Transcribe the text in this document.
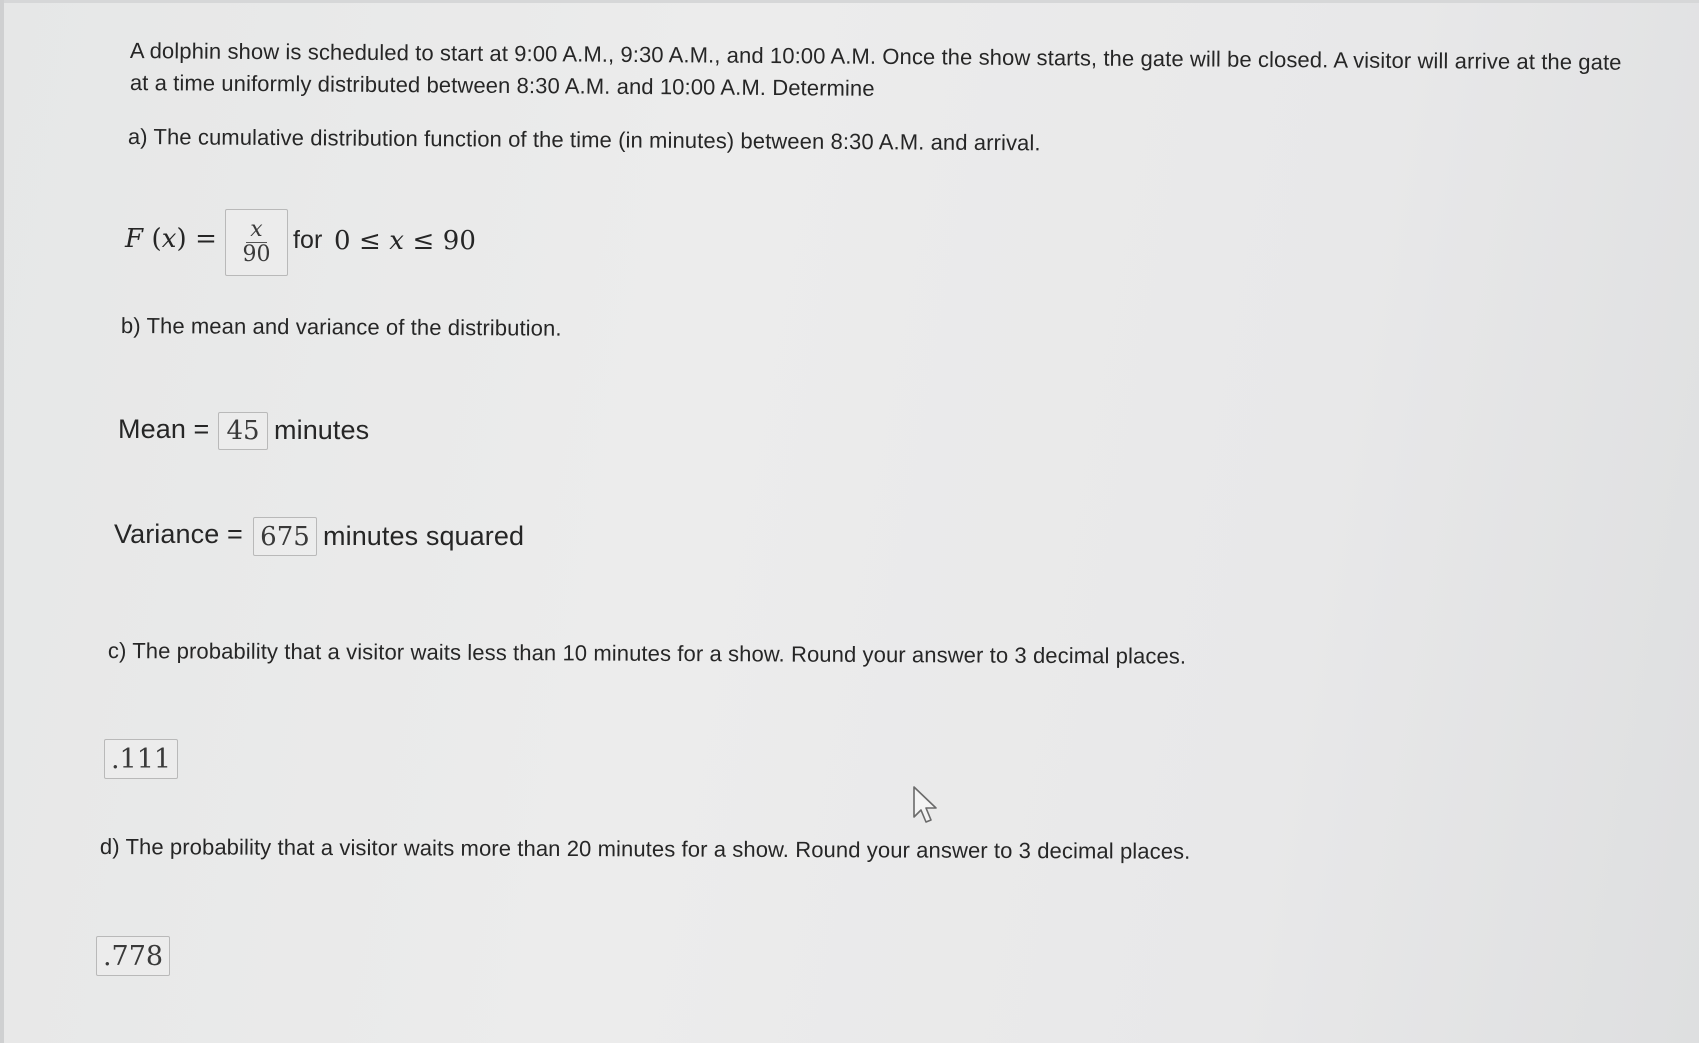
A dolphin show is scheduled to start at 9:00 A.M., 9:30 A.M., and 10:00 A.M. Once the show starts, the gate will be closed. A visitor will arrive at the gate
at a time uniformly distributed between 8:30 A.M. and 10:00 A.M. Determine
a) The cumulative distribution function of the time (in minutes) between 8:30 A.M. and arrival.
F $(x) = \frac{x}{90}$ for 0 ≤ x ≤ 90
b) The mean and variance of the distribution.
Mean = 45 minutes
Variance = 675 minutes squared
c) The probability that a visitor waits less than 10 minutes for a show. Round your answer to 3 decimal places.
.111
d) The probability that a visitor waits more than 20 minutes for a show. Round your answer to 3 decimal places.
.778
